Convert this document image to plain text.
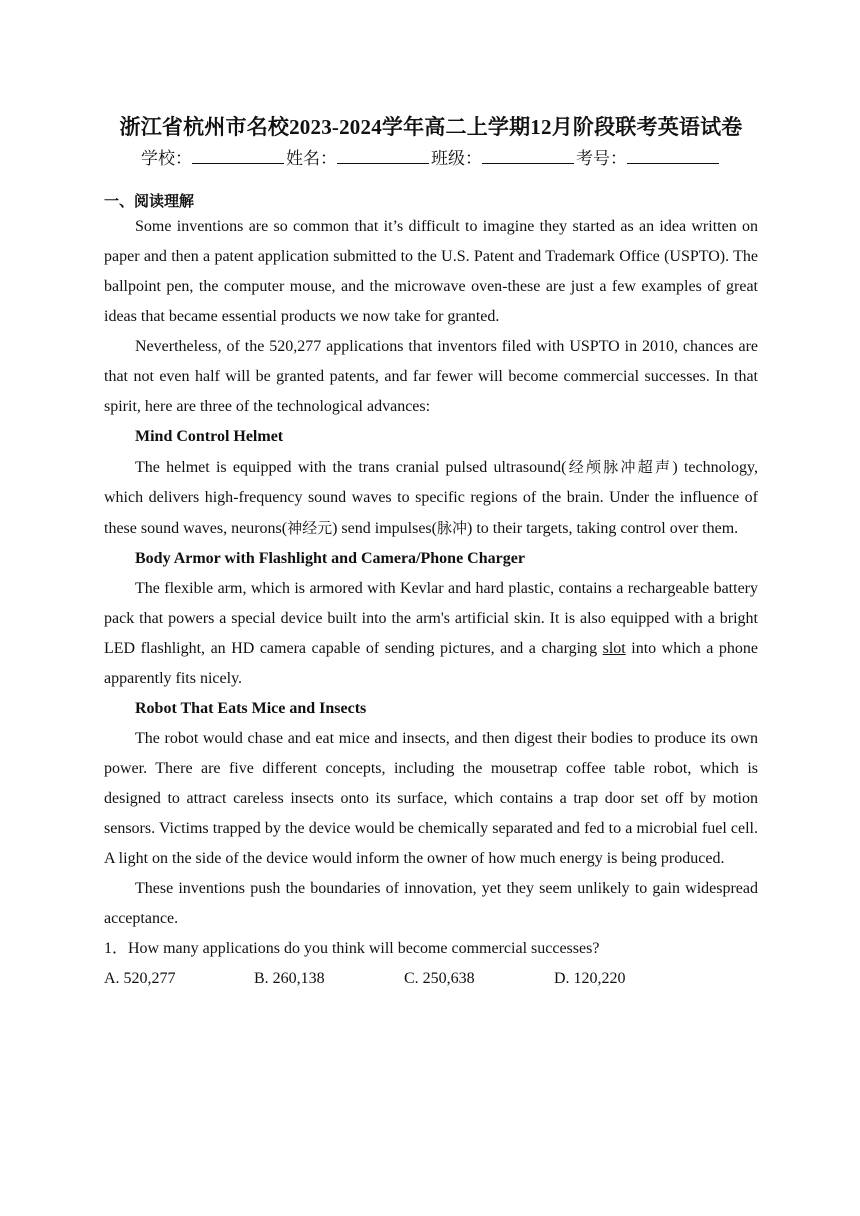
浙江省杭州市名校2023-2024学年高二上学期12月阶段联考英语试卷
学校：	姓名：	班级：	考号：
一、阅读理解

Some inventions are so common that it’s difficult to imagine they started as an idea written on paper and then a patent application submitted to the U.S. Patent and Trademark Office (USPTO). The ballpoint pen, the computer mouse, and the microwave oven-these are just a few examples of great ideas that became essential products we now take for granted.

Nevertheless, of the 520,277 applications that inventors filed with USPTO in 2010, chances are that not even half will be granted patents, and far fewer will become commercial successes. In that spirit, here are three of the technological advances:

Mind Control Helmet

The helmet is equipped with the trans cranial pulsed ultrasound(经颅脉冲超声) technology, which delivers high-frequency sound waves to specific regions of the brain. Under the influence of these sound waves, neurons(神经元) send impulses(脉冲) to their targets, taking control over them.

Body Armor with Flashlight and Camera/Phone Charger

The flexible arm, which is armored with Kevlar and hard plastic, contains a rechargeable battery pack that powers a special device built into the arm's artificial skin. It is also equipped with a bright LED flashlight, an HD camera capable of sending pictures, and a charging slot into which a phone apparently fits nicely.

Robot That Eats Mice and Insects

The robot would chase and eat mice and insects, and then digest their bodies to produce its own power. There are five different concepts, including the mousetrap coffee table robot, which is designed to attract careless insects onto its surface, which contains a trap door set off by motion sensors. Victims trapped by the device would be chemically separated and fed to a microbial fuel cell. A light on the side of the device would inform the owner of how much energy is being produced.

These inventions push the boundaries of innovation, yet they seem unlikely to gain widespread acceptance.

1．How many applications do you think will become commercial successes?

A. 520,277	B. 260,138	C. 250,638	D. 120,220
